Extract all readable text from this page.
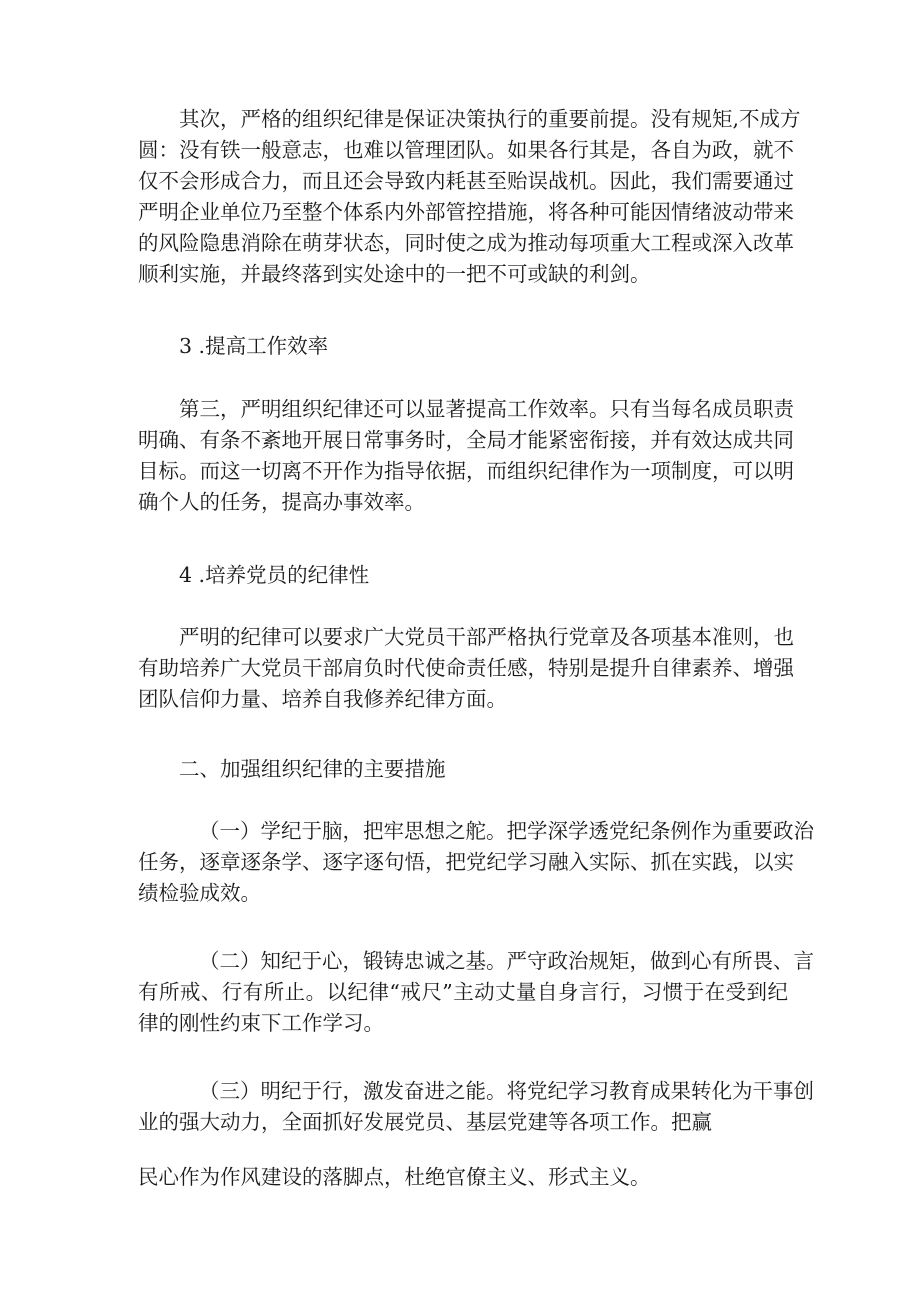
其次，严格的组织纪律是保证决策执行的重要前提。没有规矩,不成方
圆：没有铁一般意志，也难以管理团队。如果各行其是，各自为政，就不
仅不会形成合力，而且还会导致内耗甚至贻误战机。因此，我们需要通过
严明企业单位乃至整个体系内外部管控措施，将各种可能因情绪波动带来
的风险隐患消除在萌芽状态，同时使之成为推动每项重大工程或深入改革
顺利实施，并最终落到实处途中的一把不可或缺的利剑。

3 .提高工作效率

第三，严明组织纪律还可以显著提高工作效率。只有当每名成员职责
明确、有条不紊地开展日常事务时，全局才能紧密衔接，并有效达成共同
目标。而这一切离不开作为指导依据，而组织纪律作为一项制度，可以明
确个人的任务，提高办事效率。

4 .培养党员的纪律性

严明的纪律可以要求广大党员干部严格执行党章及各项基本准则，也
有助培养广大党员干部肩负时代使命责任感，特别是提升自律素养、增强
团队信仰力量、培养自我修养纪律方面。

二、加强组织纪律的主要措施

（一）学纪于脑，把牢思想之舵。把学深学透党纪条例作为重要政治
任务，逐章逐条学、逐字逐句悟，把党纪学习融入实际、抓在实践，以实
绩检验成效。

（二）知纪于心，锻铸忠诚之基。严守政治规矩，做到心有所畏、言
有所戒、行有所止。以纪律“戒尺”主动丈量自身言行，习惯于在受到纪
律的刚性约束下工作学习。

（三）明纪于行，激发奋进之能。将党纪学习教育成果转化为干事创
业的强大动力，全面抓好发展党员、基层党建等各项工作。把赢

民心作为作风建设的落脚点，杜绝官僚主义、形式主义。
